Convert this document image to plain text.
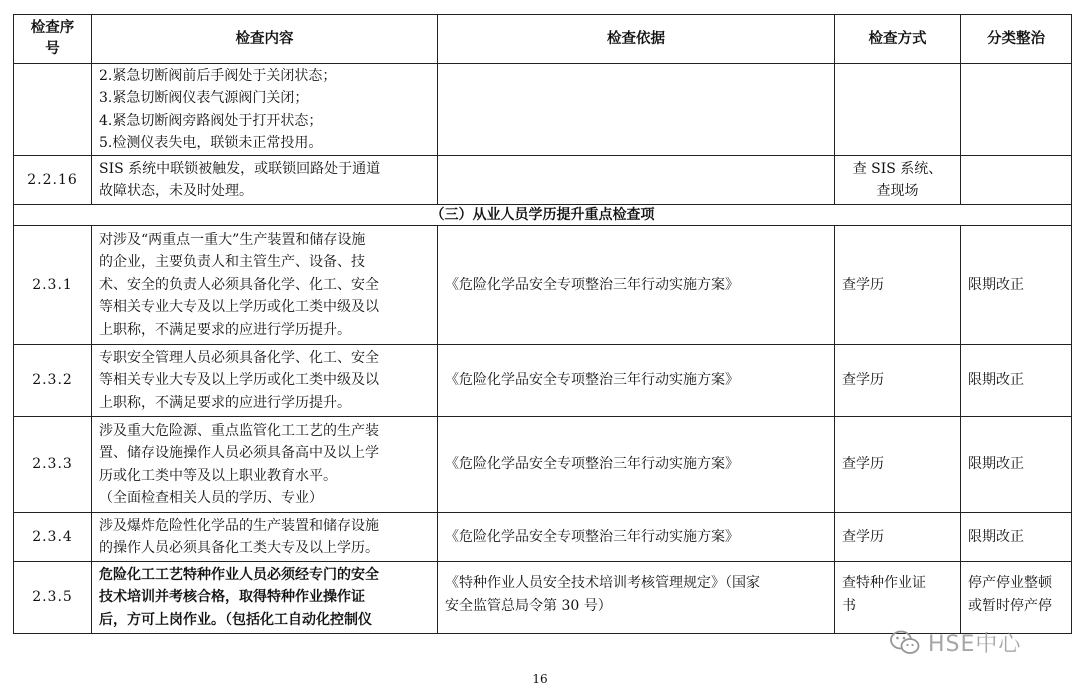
检查序号	检查内容	检查依据	检查方式	分类整治

	2.紧急切断阀前后手阀处于关闭状态；
3.紧急切断阀仪表气源阀门关闭；
4.紧急切断阀旁路阀处于打开状态；
5.检测仪表失电，联锁未正常投用。			

2.2.16	SIS 系统中联锁被触发，或联锁回路处于通道
故障状态，未及时处理。		查 SIS 系统、
查现场	

（三）从业人员学历提升重点检查项				
2.3.1	对涉及“两重点一重大”生产装置和储存设施
的企业，主要负责人和主管生产、设备、技
术、安全的负责人必须具备化学、化工、安全
等相关专业大专及以上学历或化工类中级及以
上职称，不满足要求的应进行学历提升。	《危险化学品安全专项整治三年行动实施方案》	查学历	限期改正

2.3.2	专职安全管理人员必须具备化学、化工、安全
等相关专业大专及以上学历或化工类中级及以
上职称，不满足要求的应进行学历提升。	《危险化学品安全专项整治三年行动实施方案》	查学历	限期改正

2.3.3	涉及重大危险源、重点监管化工工艺的生产装
置、储存设施操作人员必须具备高中及以上学
历或化工类中等及以上职业教育水平。
（全面检查相关人员的学历、专业）	《危险化学品安全专项整治三年行动实施方案》	查学历	限期改正

2.3.4	涉及爆炸危险性化学品的生产装置和储存设施
的操作人员必须具备化工类大专及以上学历。	《危险化学品安全专项整治三年行动实施方案》	查学历	限期改正

2.3.5	危险化工工艺特种作业人员必须经专门的安全
技术培训并考核合格，取得特种作业操作证
后，方可上岗作业。（包括化工自动化控制仪	《特种作业人员安全技术培训考核管理规定》（国家
安全监管总局令第 30 号）	查特种作业证
书	停产停业整顿
或暂时停产停
HSE中心
16
